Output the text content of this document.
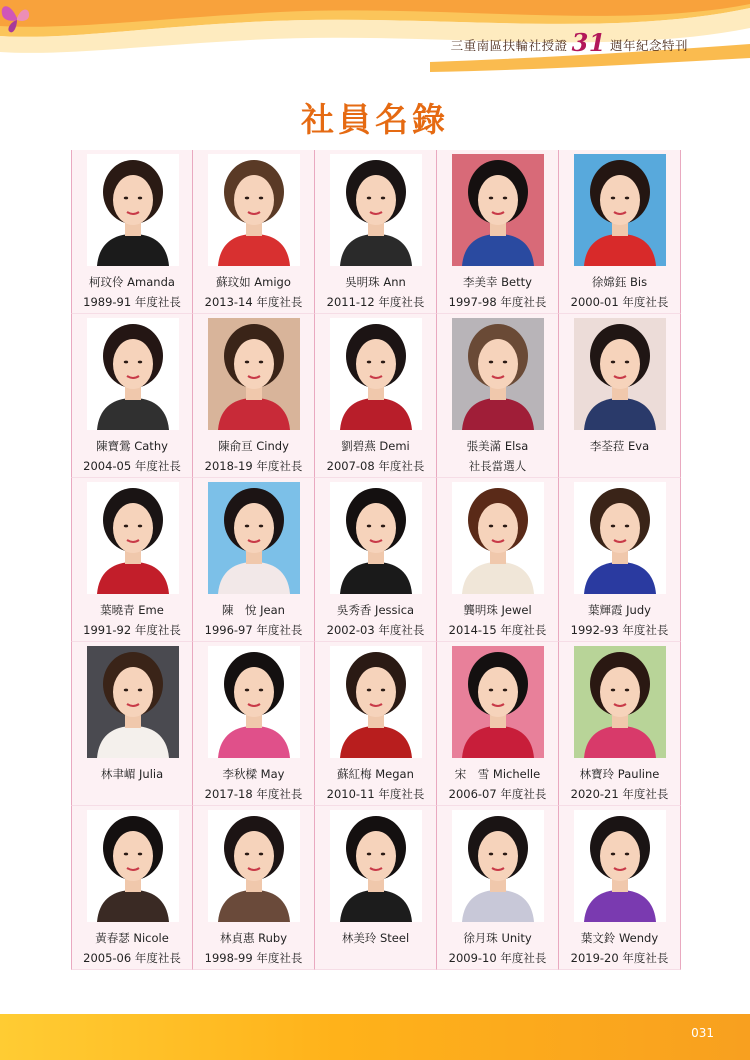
三重南區扶輪社授證 31 週年紀念特刊
社員名錄
柯玟伶 Amanda
1989-91 年度社長
蘇玟如 Amigo
2013-14 年度社長
吳明珠 Ann
2011-12 年度社長
李美幸 Betty
1997-98 年度社長
徐嫦鈺 Bis
2000-01 年度社長
陳寶鶯 Cathy
2004-05 年度社長
陳俞亘 Cindy
2018-19 年度社長
劉碧燕 Demi
2007-08 年度社長
張美滿 Elsa
社長當選人
李荃菈 Eva
葉曉青 Eme
1991-92 年度社長
陳　悅 Jean
1996-97 年度社長
吳秀香 Jessica
2002-03 年度社長
龔明珠 Jewel
2014-15 年度社長
葉輝霞 Judy
1992-93 年度社長
林聿嵋 Julia	李秋樑 May
2017-18 年度社長
蘇紅梅 Megan
2010-11 年度社長
宋　雪 Michelle
2006-07 年度社長
林寶玲 Pauline
2020-21 年度社長
黃春瑟 Nicole
2005-06 年度社長
林貞惠 Ruby
1998-99 年度社長
林美玲 Steel	徐月珠 Unity
2009-10 年度社長
葉文鈴 Wendy
2019-20 年度社長
031
